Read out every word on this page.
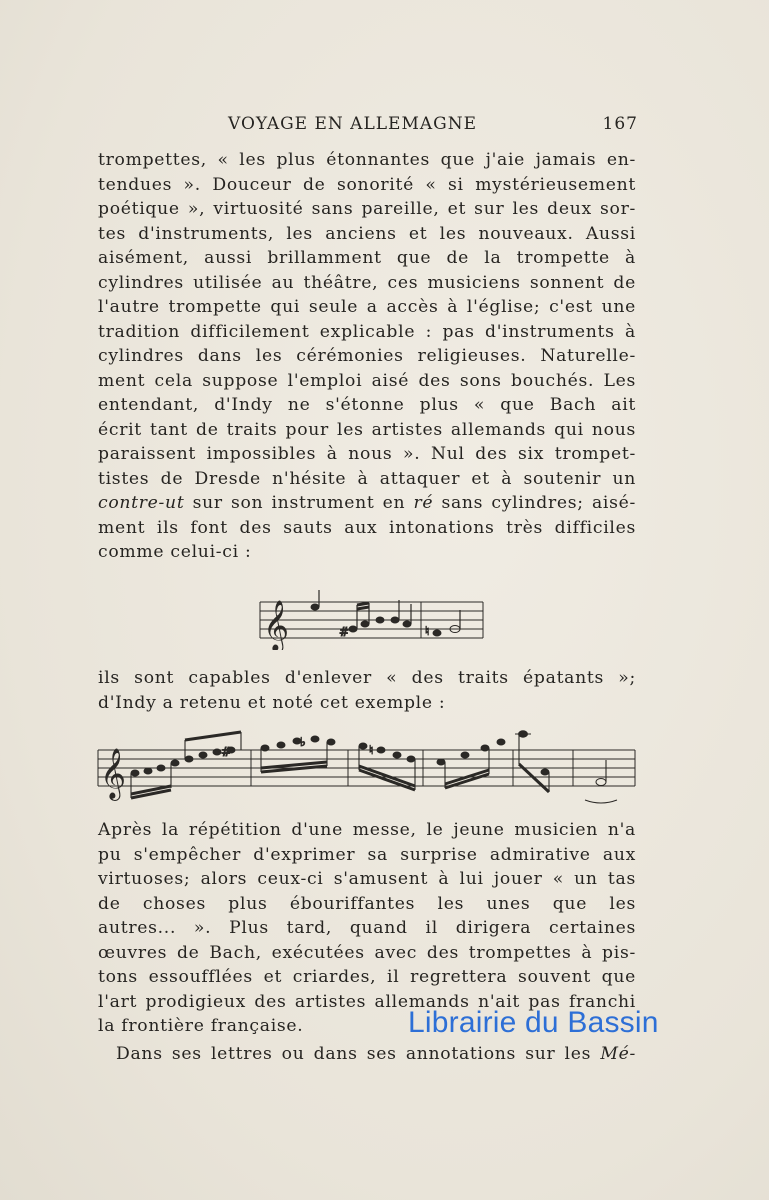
VOYAGE EN ALLEMAGNE	167
trompettes, « les plus étonnantes que j'aie jamais en-
tendues ». Douceur de sonorité « si mystérieusement
poétique », virtuosité sans pareille, et sur les deux sor-
tes d'instruments, les anciens et les nouveaux. Aussi
aisément, aussi brillamment que de la trompette à
cylindres utilisée au théâtre, ces musiciens sonnent de
l'autre trompette qui seule a accès à l'église; c'est une
tradition difficilement explicable : pas d'instruments à
cylindres dans les cérémonies religieuses. Naturelle-
ment cela suppose l'emploi aisé des sons bouchés. Les
entendant, d'Indy ne s'étonne plus « que Bach ait
écrit tant de traits pour les artistes allemands qui nous
paraissent impossibles à nous ». Nul des six trompet-
tistes de Dresde n'hésite à attaquer et à soutenir un
contre-ut sur son instrument en ré sans cylindres; aisé-
ment ils font des sauts aux intonations très difficiles
comme celui-ci :
𝄞	#	♮
ils sont capables d'enlever « des traits épatants »;
d'Indy a retenu et noté cet exemple :
𝄞	#
♭
♮
Après la répétition d'une messe, le jeune musicien n'a
pu s'empêcher d'exprimer sa surprise admirative aux
virtuoses; alors ceux-ci s'amusent à lui jouer « un tas
de choses plus ébouriffantes les unes que les
autres... ». Plus tard, quand il dirigera certaines
œuvres de Bach, exécutées avec des trompettes à pis-
tons essoufflées et criardes, il regrettera souvent que
l'art prodigieux des artistes allemands n'ait pas franchi
la frontière française.
Dans ses lettres ou dans ses annotations sur les Mé-
Librairie du Bassin
